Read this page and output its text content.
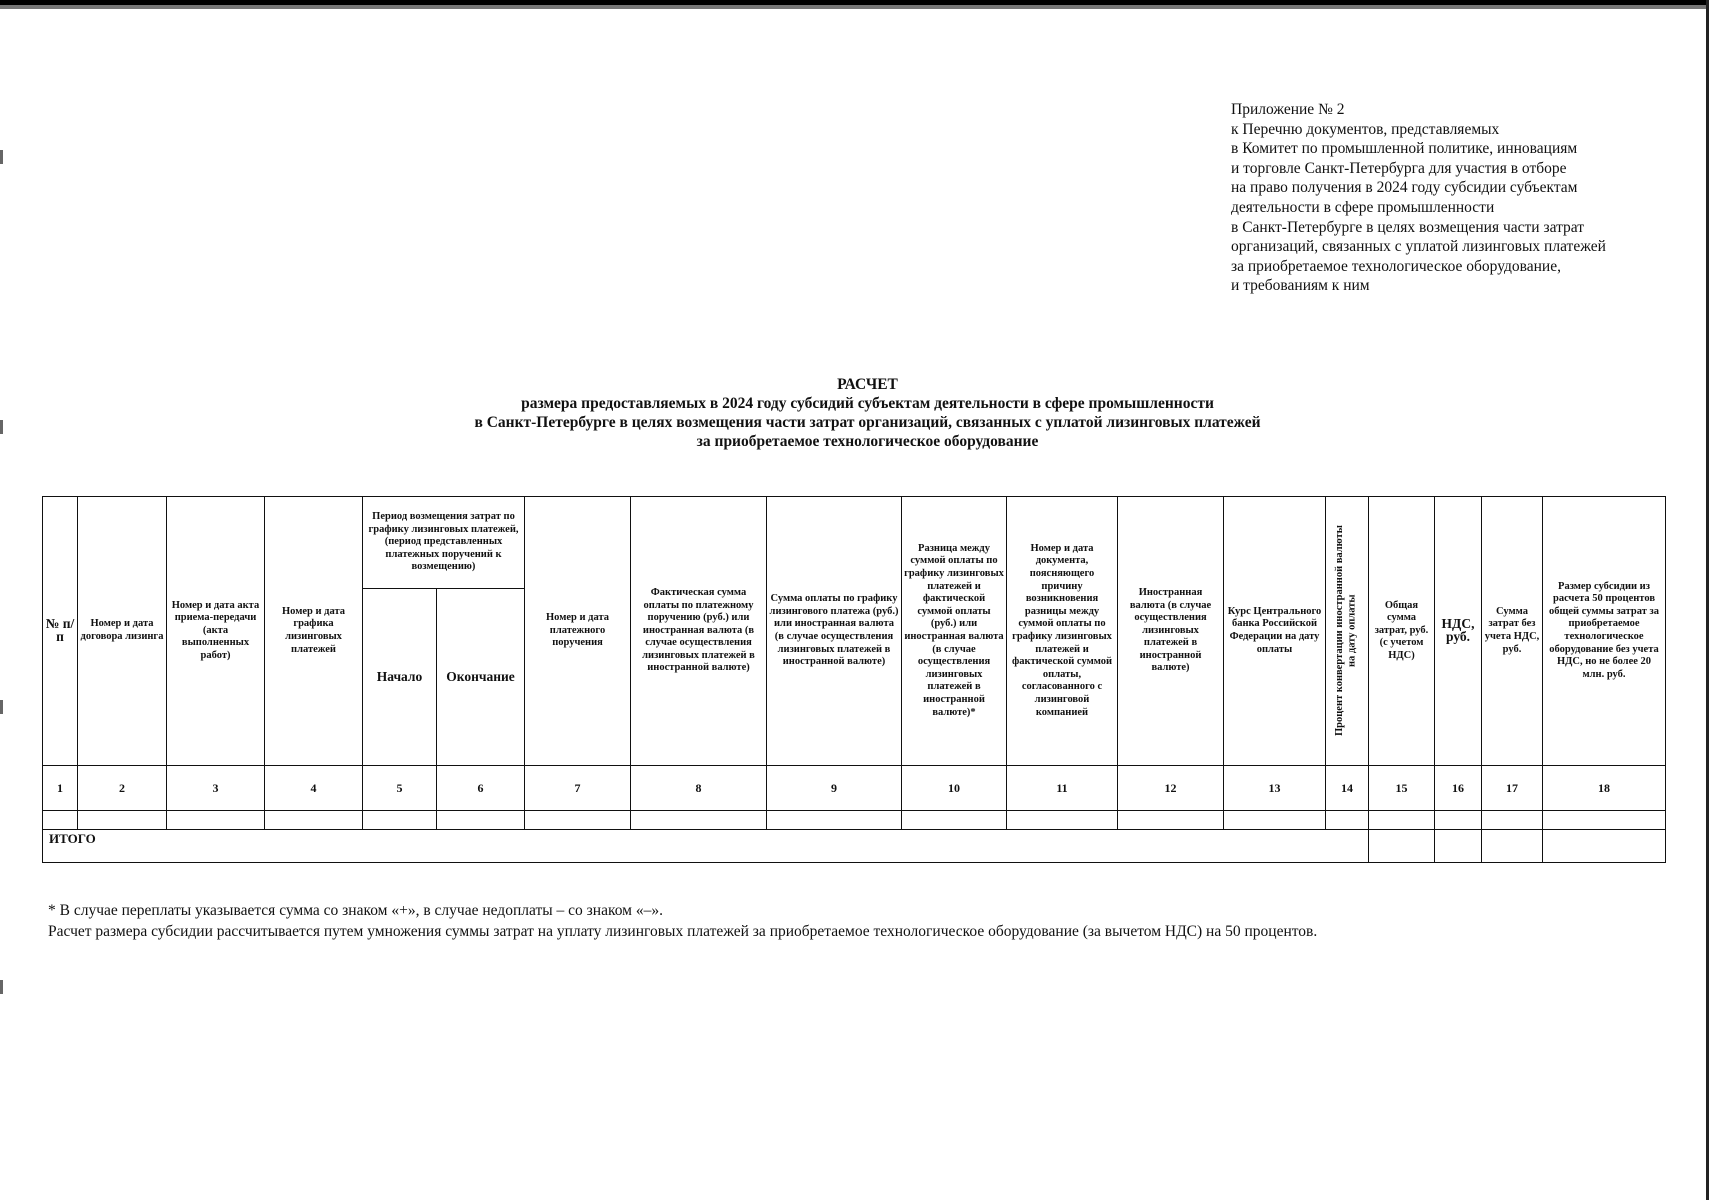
Приложение № 2
к Перечню документов, представляемых
в Комитет по промышленной политике, инновациям
и торговле Санкт-Петербурга для участия в отборе
на право получения в 2024 году субсидии субъектам
деятельности в сфере промышленности
в Санкт-Петербурге в целях возмещения части затрат
организаций, связанных с уплатой лизинговых платежей
за приобретаемое технологическое оборудование,
и требованиям к ним
РАСЧЕТ
размера предоставляемых в 2024 году субсидий субъектам деятельности в сфере промышленности
в Санкт-Петербурге в целях возмещения части затрат организаций, связанных с уплатой лизинговых платежей
за приобретаемое технологическое оборудование
№ п/п	Номер и дата договора лизинга	Номер и дата акта приема-передачи (акта выполненных работ)	Номер и дата графика лизинговых платежей	Период возмещения затрат по графику лизинговых платежей, (период представленных платежных поручений к возмещению)		Номер и дата платежного поручения	Фактическая сумма оплаты по платежному поручению (руб.) или иностранная валюта (в случае осуществления лизинговых платежей в иностранной валюте)	Сумма оплаты по графику лизингового платежа (руб.) или иностранная валюта (в случае осуществления лизинговых платежей в иностранной валюте)	Разница между суммой оплаты по графику лизинговых платежей и фактической суммой оплаты (руб.) или иностранная валюта (в случае осуществления лизинговых платежей в иностранной валюте)*	Номер и дата документа, поясняющего причину возникновения разницы между суммой оплаты по графику лизинговых платежей и фактической суммой оплаты, согласованного с лизинговой компанией	Иностранная валюта (в случае осуществления лизинговых платежей в иностранной валюте)	Курс Центрального банка Российской Федерации на дату оплаты	Процент конвертации иностранной валюты на дату оплаты	Общая сумма затрат, руб. (с учетом НДС)	НДС, руб.	Сумма затрат без учета НДС, руб.	Размер субсидии из расчета 50 процентов общей суммы затрат за приобретаемое технологическое оборудование без учета НДС, но не более 20 млн. руб.
				Начало	Окончание												
1	2	3	4	5	6	7	8	9	10	11	12	13	14	15	16	17	18

ИТОГО																	
* В случае переплаты указывается сумма со знаком «+», в случае недоплаты – со знаком «–».
Расчет размера субсидии рассчитывается путем умножения суммы затрат на уплату лизинговых платежей за приобретаемое технологическое оборудование (за вычетом НДС) на 50 процентов.
